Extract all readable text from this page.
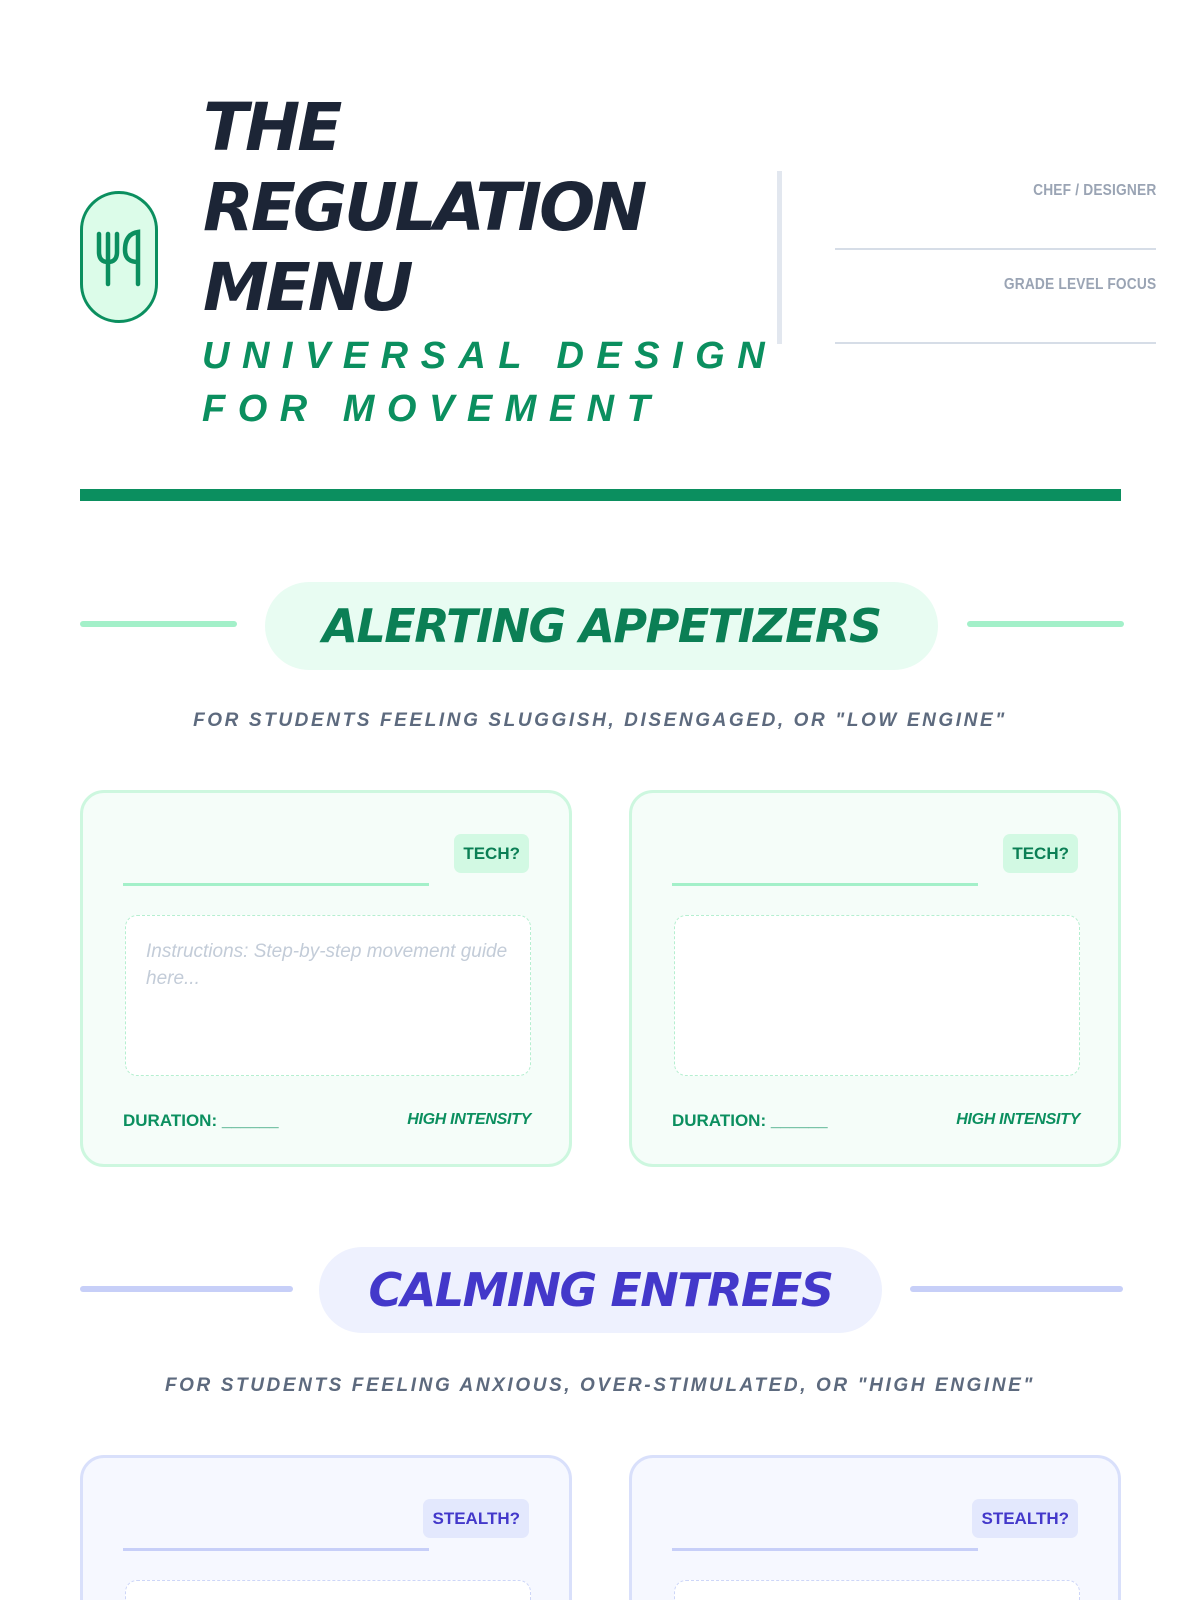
THE
REGULATION
MENU
UNIVERSAL DESIGN
FOR MOVEMENT
CHEF / DESIGNER
GRADE LEVEL FOCUS
ALERTING APPETIZERS
FOR STUDENTS FEELING SLUGGISH, DISENGAGED, OR "LOW ENGINE"
TECH?
Instructions: Step-by-step movement guide here...
DURATION: ______	HIGH INTENSITY
TECH?
DURATION: ______	HIGH INTENSITY
CALMING ENTREES
FOR STUDENTS FEELING ANXIOUS, OVER-STIMULATED, OR "HIGH ENGINE"
STEALTH?	STEALTH?
